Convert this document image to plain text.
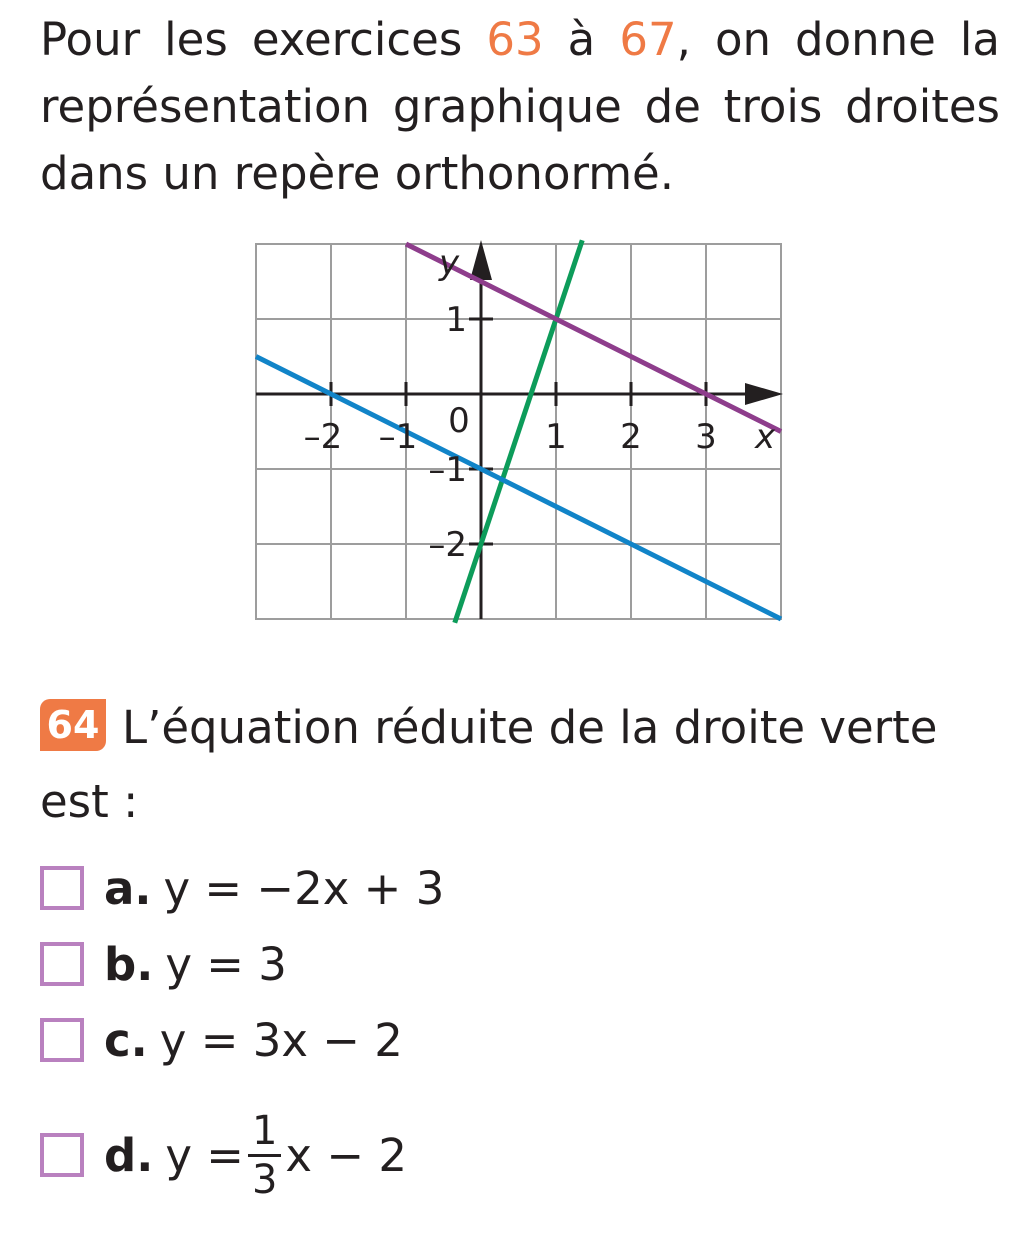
Pour les exercices 63 à 67, on donne la représentation graphique de trois droites dans un repère orthonormé.

–2 –1	1 2 3
1
–1
–2
0	x
y
64 L’équation réduite de la droite verte
est :
a. y = −2x + 3
b. y = 3
c. y = 3x − 2
d. $y = \frac{1}{3}$ x − 2
